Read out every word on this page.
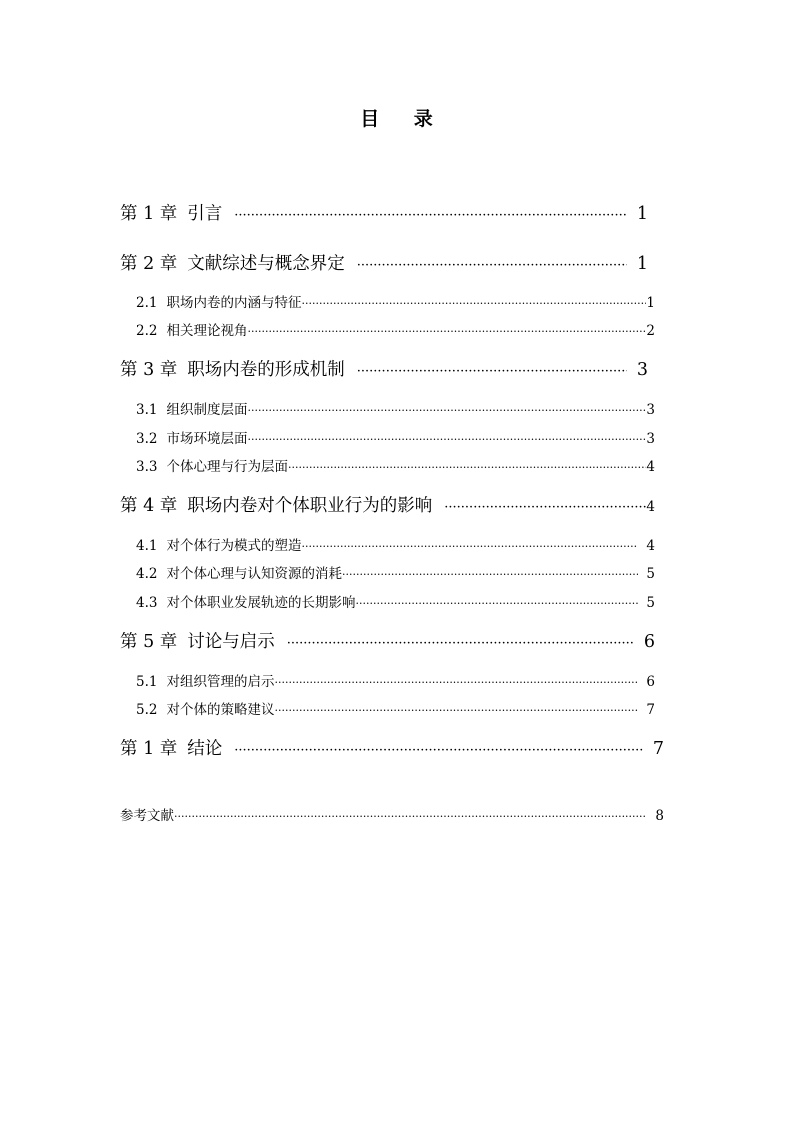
目 录
第 1 章 引言 ·····	1
第 2 章 文献综述与概念界定 ·····	1
2.1 职场内卷的内涵与特征 ·····	1
2.2 相关理论视角 ·····	2
第 3 章 职场内卷的形成机制 ·····	3
3.1 组织制度层面 ·····	3
3.2 市场环境层面 ·····	3
3.3 个体心理与行为层面 ·····	4
第 4 章 职场内卷对个体职业行为的影响 ·····	4
4.1 对个体行为模式的塑造 ·····	4
4.2 对个体心理与认知资源的消耗 ·····	5
4.3 对个体职业发展轨迹的长期影响 ·····	5
第 5 章 讨论与启示 ·····	6
5.1 对组织管理的启示 ·····	6
5.2 对个体的策略建议 ·····	7
第 1 章 结论 ·····	7
参考文献 ·····	8
